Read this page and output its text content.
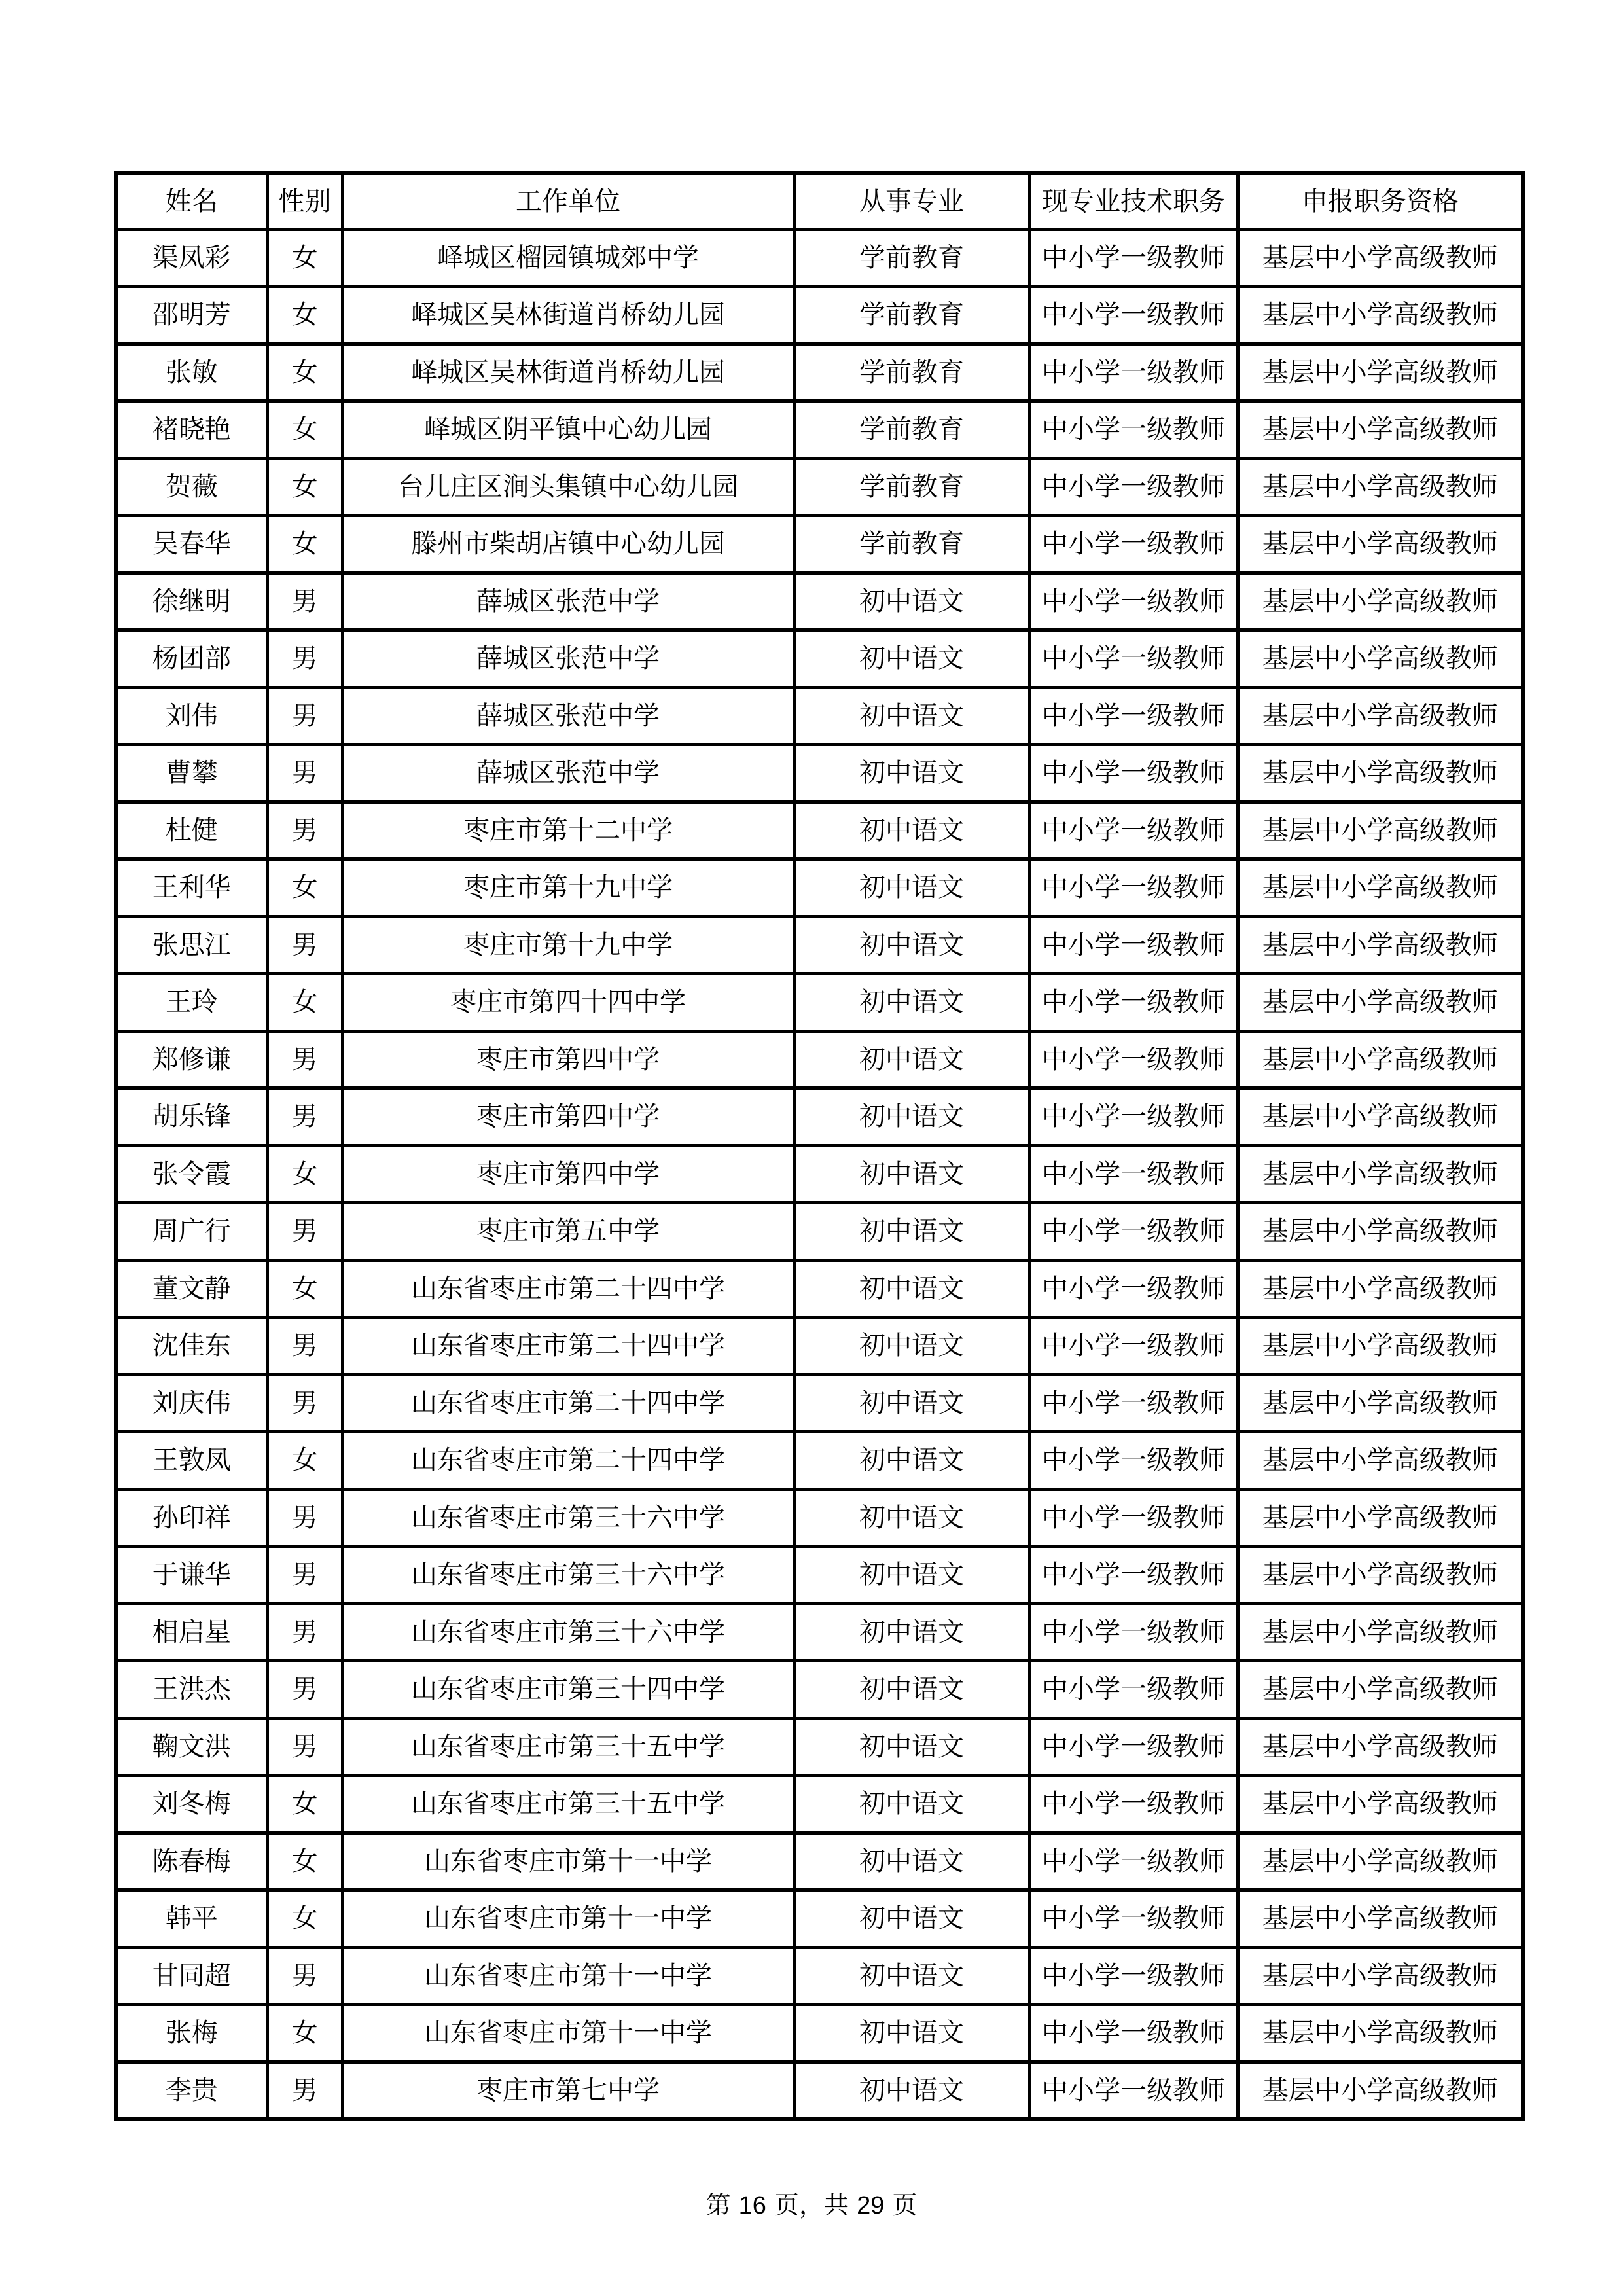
姓名	性别	工作单位	从事专业	现专业技术职务	申报职务资格
渠凤彩	女	峄城区榴园镇城郊中学	学前教育	中小学一级教师	基层中小学高级教师
邵明芳	女	峄城区吴林街道肖桥幼儿园	学前教育	中小学一级教师	基层中小学高级教师
张敏	女	峄城区吴林街道肖桥幼儿园	学前教育	中小学一级教师	基层中小学高级教师
褚晓艳	女	峄城区阴平镇中心幼儿园	学前教育	中小学一级教师	基层中小学高级教师
贺薇	女	台儿庄区涧头集镇中心幼儿园	学前教育	中小学一级教师	基层中小学高级教师
吴春华	女	滕州市柴胡店镇中心幼儿园	学前教育	中小学一级教师	基层中小学高级教师
徐继明	男	薛城区张范中学	初中语文	中小学一级教师	基层中小学高级教师
杨团部	男	薛城区张范中学	初中语文	中小学一级教师	基层中小学高级教师
刘伟	男	薛城区张范中学	初中语文	中小学一级教师	基层中小学高级教师
曹攀	男	薛城区张范中学	初中语文	中小学一级教师	基层中小学高级教师
杜健	男	枣庄市第十二中学	初中语文	中小学一级教师	基层中小学高级教师
王利华	女	枣庄市第十九中学	初中语文	中小学一级教师	基层中小学高级教师
张思江	男	枣庄市第十九中学	初中语文	中小学一级教师	基层中小学高级教师
王玲	女	枣庄市第四十四中学	初中语文	中小学一级教师	基层中小学高级教师
郑修谦	男	枣庄市第四中学	初中语文	中小学一级教师	基层中小学高级教师
胡乐锋	男	枣庄市第四中学	初中语文	中小学一级教师	基层中小学高级教师
张令霞	女	枣庄市第四中学	初中语文	中小学一级教师	基层中小学高级教师
周广行	男	枣庄市第五中学	初中语文	中小学一级教师	基层中小学高级教师
董文静	女	山东省枣庄市第二十四中学	初中语文	中小学一级教师	基层中小学高级教师
沈佳东	男	山东省枣庄市第二十四中学	初中语文	中小学一级教师	基层中小学高级教师
刘庆伟	男	山东省枣庄市第二十四中学	初中语文	中小学一级教师	基层中小学高级教师
王敦凤	女	山东省枣庄市第二十四中学	初中语文	中小学一级教师	基层中小学高级教师
孙印祥	男	山东省枣庄市第三十六中学	初中语文	中小学一级教师	基层中小学高级教师
于谦华	男	山东省枣庄市第三十六中学	初中语文	中小学一级教师	基层中小学高级教师
相启星	男	山东省枣庄市第三十六中学	初中语文	中小学一级教师	基层中小学高级教师
王洪杰	男	山东省枣庄市第三十四中学	初中语文	中小学一级教师	基层中小学高级教师
鞠文洪	男	山东省枣庄市第三十五中学	初中语文	中小学一级教师	基层中小学高级教师
刘冬梅	女	山东省枣庄市第三十五中学	初中语文	中小学一级教师	基层中小学高级教师
陈春梅	女	山东省枣庄市第十一中学	初中语文	中小学一级教师	基层中小学高级教师
韩平	女	山东省枣庄市第十一中学	初中语文	中小学一级教师	基层中小学高级教师
甘同超	男	山东省枣庄市第十一中学	初中语文	中小学一级教师	基层中小学高级教师
张梅	女	山东省枣庄市第十一中学	初中语文	中小学一级教师	基层中小学高级教师
李贵	男	枣庄市第七中学	初中语文	中小学一级教师	基层中小学高级教师
第 16 页，共 29 页
